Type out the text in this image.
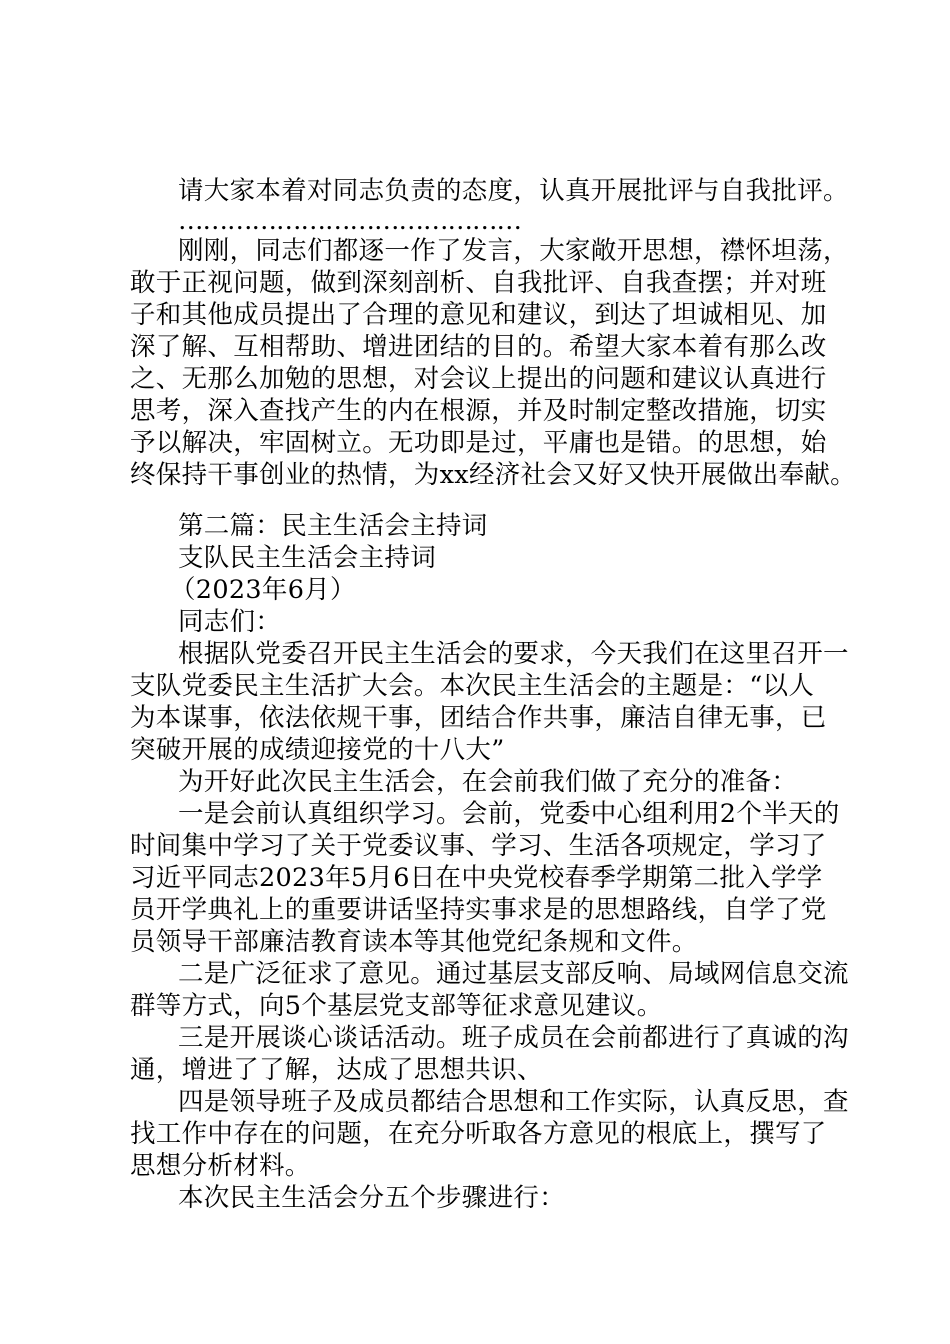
请大家本着对同志负责的态度，认真开展批评与自我批评。
……………………………………
刚刚，同志们都逐一作了发言，大家敞开思想，襟怀坦荡，
敢于正视问题，做到深刻剖析、自我批评、自我查摆；并对班
子和其他成员提出了合理的意见和建议，到达了坦诚相见、加
深了解、互相帮助、增进团结的目的。希望大家本着有那么改
之、无那么加勉的思想，对会议上提出的问题和建议认真进行
思考，深入查找产生的内在根源，并及时制定整改措施，切实
予以解决，牢固树立。无功即是过，平庸也是错。的思想，始
终保持干事创业的热情，为xx经济社会又好又快开展做出奉献。
第二篇：民主生活会主持词
支队民主生活会主持词
（2023年6月）
同志们：
根据队党委召开民主生活会的要求，今天我们在这里召开一
支队党委民主生活扩大会。本次民主生活会的主题是：“以人
为本谋事，依法依规干事，团结合作共事，廉洁自律无事，已
突破开展的成绩迎接党的十八大”
为开好此次民主生活会，在会前我们做了充分的准备：
一是会前认真组织学习。会前，党委中心组利用2个半天的
时间集中学习了关于党委议事、学习、生活各项规定，学习了
习近平同志2023年5月6日在中央党校春季学期第二批入学学
员开学典礼上的重要讲话坚持实事求是的思想路线，自学了党
员领导干部廉洁教育读本等其他党纪条规和文件。
二是广泛征求了意见。通过基层支部反响、局域网信息交流
群等方式，向5个基层党支部等征求意见建议。
三是开展谈心谈话活动。班子成员在会前都进行了真诚的沟
通，增进了了解，达成了思想共识、
四是领导班子及成员都结合思想和工作实际，认真反思，查
找工作中存在的问题，在充分听取各方意见的根底上，撰写了
思想分析材料。
本次民主生活会分五个步骤进行：
